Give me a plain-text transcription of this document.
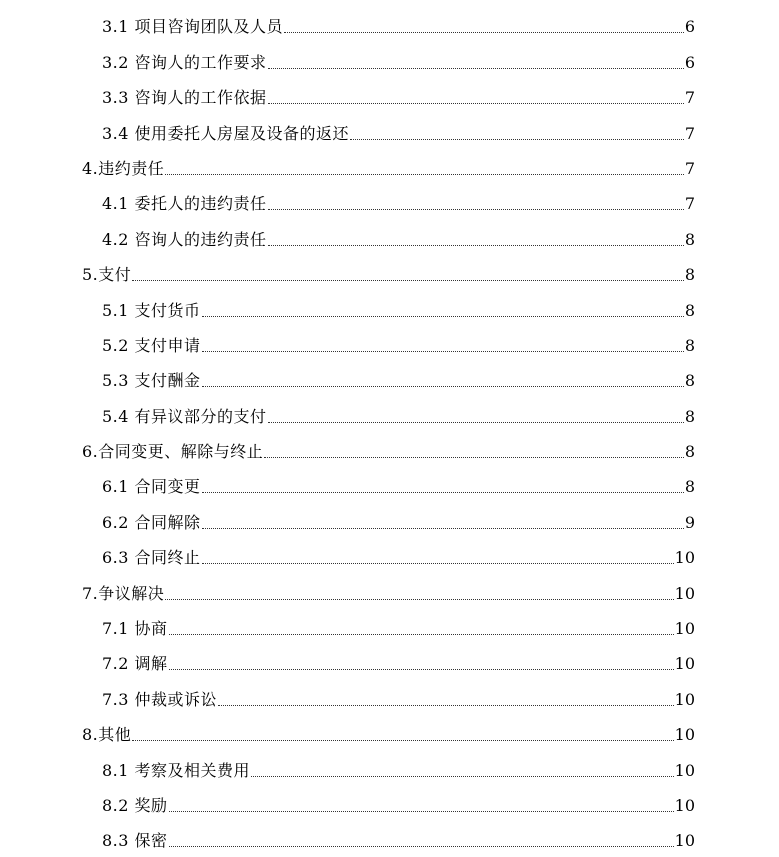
3.1 项目咨询团队及人员	6
3.2 咨询人的工作要求	6
3.3 咨询人的工作依据	7
3.4 使用委托人房屋及设备的返还	7
4.违约责任	7
4.1 委托人的违约责任	7
4.2 咨询人的违约责任	8
5.支付	8
5.1 支付货币	8
5.2 支付申请	8
5.3 支付酬金	8
5.4 有异议部分的支付	8
6.合同变更、解除与终止	8
6.1 合同变更	8
6.2 合同解除	9
6.3 合同终止	10
7.争议解决	10
7.1 协商	10
7.2 调解	10
7.3 仲裁或诉讼	10
8.其他	10
8.1 考察及相关费用	10
8.2 奖励	10
8.3 保密	10
